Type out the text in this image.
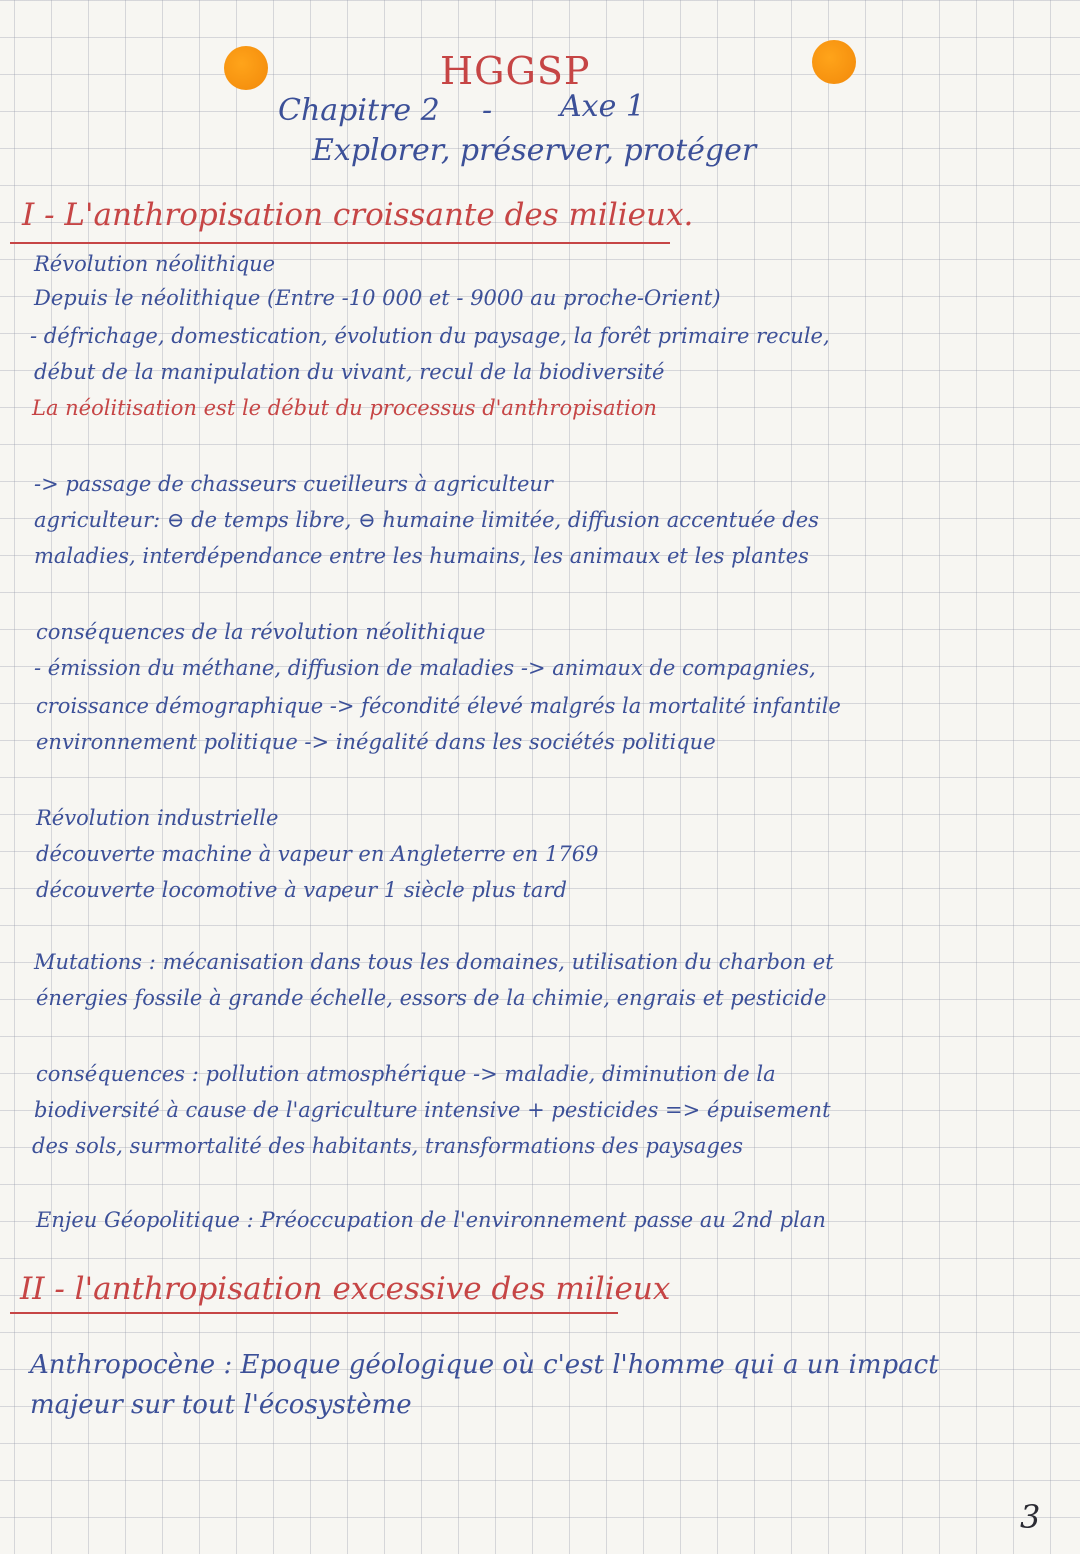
HGGSP
Chapitre 2 - Axe 1
Explorer, préserver, protéger
I - L'anthropisation croissante des milieux.
Révolution néolithique
Depuis le néolithique (Entre -10 000 et - 9000 au proche-Orient)
- défrichage, domestication, évolution du paysage, la forêt primaire recule,
début de la manipulation du vivant, recul de la biodiversité
La néolitisation est le début du processus d'anthropisation
-> passage de chasseurs cueilleurs à agriculteur
agriculteur: ⊖ de temps libre, ⊖ humaine limitée, diffusion accentuée des
maladies, interdépendance entre les humains, les animaux et les plantes
conséquences de la révolution néolithique
- émission du méthane, diffusion de maladies -> animaux de compagnies,
croissance démographique -> fécondité élevé malgrés la mortalité infantile
environnement politique -> inégalité dans les sociétés politique
Révolution industrielle
découverte machine à vapeur en Angleterre en 1769
découverte locomotive à vapeur 1 siècle plus tard
Mutations : mécanisation dans tous les domaines, utilisation du charbon et
énergies fossile à grande échelle, essors de la chimie, engrais et pesticide
conséquences : pollution atmosphérique -> maladie, diminution de la
biodiversité à cause de l'agriculture intensive + pesticides => épuisement
des sols, surmortalité des habitants, transformations des paysages
Enjeu Géopolitique : Préoccupation de l'environnement passe au 2nd plan
II - l'anthropisation excessive des milieux
Anthropocène : Epoque géologique où c'est l'homme qui a un impact
majeur sur tout l'écosystème
3
